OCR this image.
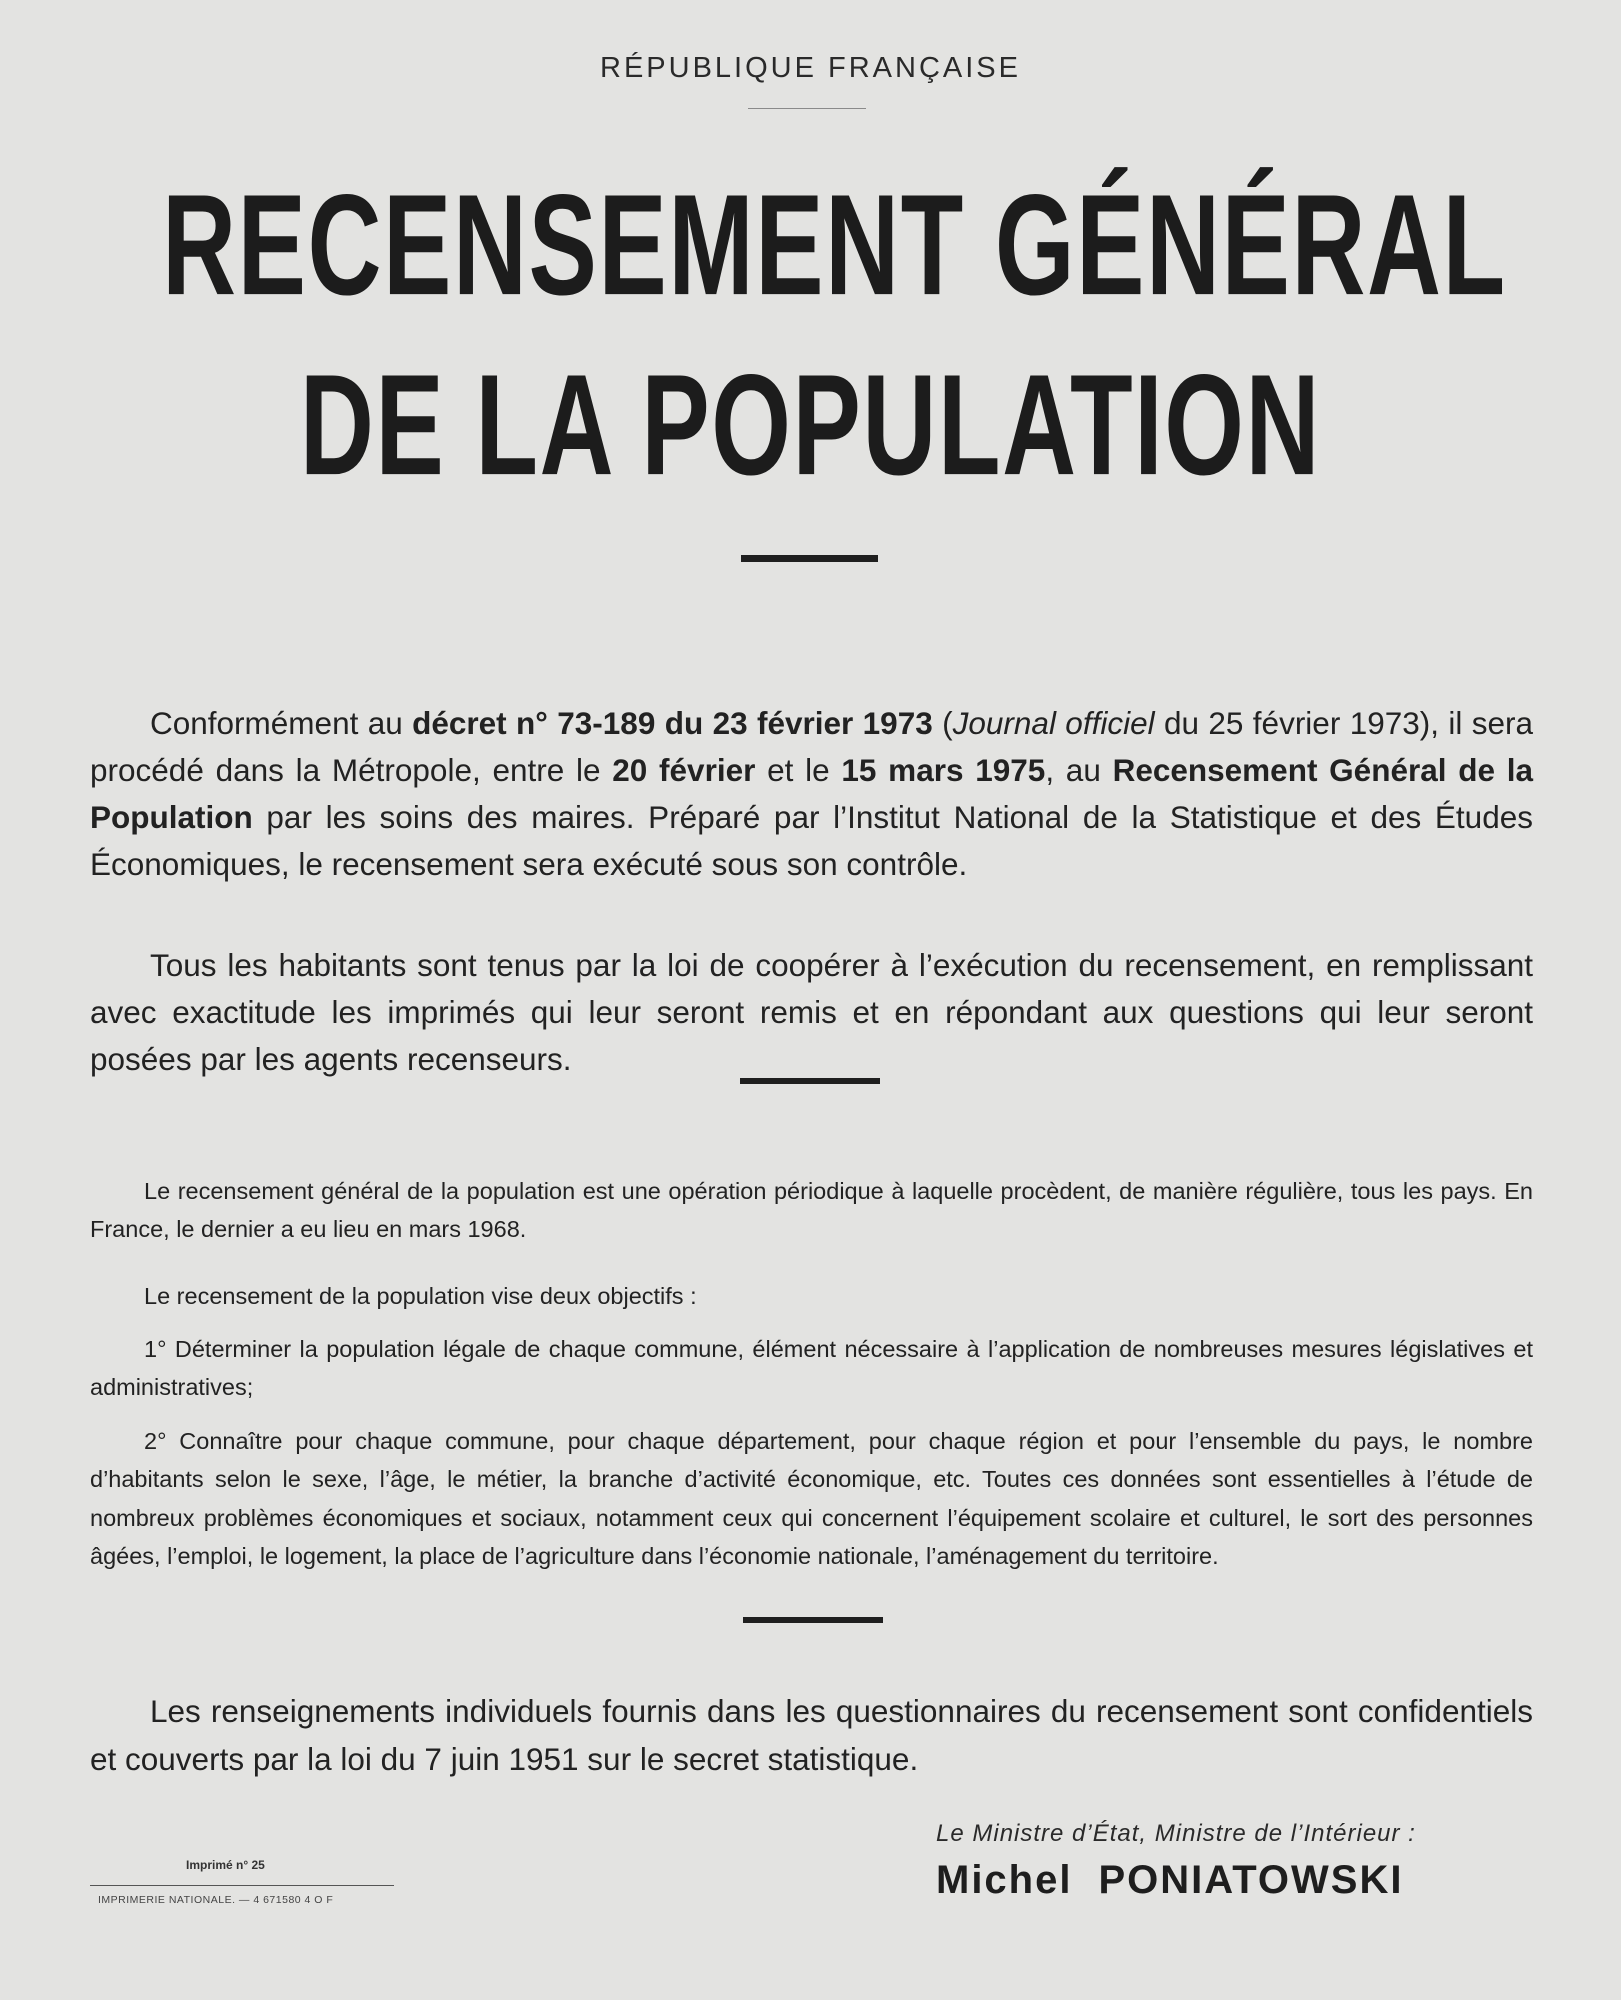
RÉPUBLIQUE FRANÇAISE
RECENSEMENT GÉNÉRAL
DE LA POPULATION

Conformément au décret n° 73-189 du 23 février 1973 (Journal officiel du 25 février 1973), il sera procédé dans la Métropole, entre le 20 février et le 15 mars 1975, au Recensement Général de la Population par les soins des maires. Préparé par l’Institut National de la Statistique et des Études Économiques, le recensement sera exécuté sous son contrôle.

Tous les habitants sont tenus par la loi de coopérer à l’exécution du recensement, en remplissant avec exactitude les imprimés qui leur seront remis et en répondant aux questions qui leur seront posées par les agents recenseurs.

Le recensement général de la population est une opération périodique à laquelle procèdent, de manière régulière, tous les pays. En France, le dernier a eu lieu en mars 1968.

Le recensement de la population vise deux objectifs :

1° Déterminer la population légale de chaque commune, élément nécessaire à l’application de nombreuses mesures législatives et administratives;

2° Connaître pour chaque commune, pour chaque département, pour chaque région et pour l’ensemble du pays, le nombre d’habitants selon le sexe, l’âge, le métier, la branche d’activité économique, etc. Toutes ces données sont essentielles à l’étude de nombreux problèmes économiques et sociaux, notamment ceux qui concernent l’équipement scolaire et culturel, le sort des personnes âgées, l’emploi, le logement, la place de l’agriculture dans l’économie nationale, l’aménagement du territoire.

Les renseignements individuels fournis dans les questionnaires du recensement sont confidentiels et couverts par la loi du 7 juin 1951 sur le secret statistique.

Imprimé n° 25
IMPRIMERIE NATIONALE. — 4 671580 4 O F
Le Ministre d’État, Ministre de l’Intérieur :
Michel PONIATOWSKI
